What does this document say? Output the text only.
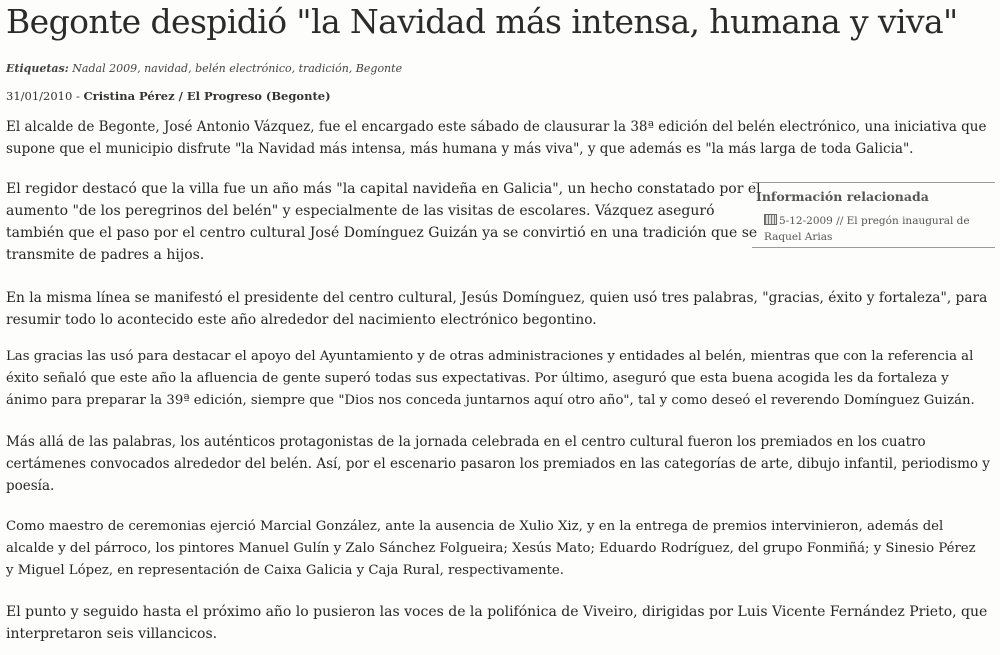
Begonte despidió "la Navidad más intensa, humana y viva"
Etiquetas: Nadal 2009, navidad, belén electrónico, tradición, Begonte
31/01/2010 - Cristina Pérez / El Progreso (Begonte)

El alcalde de Begonte, José Antonio Vázquez, fue el encargado este sábado de clausurar la 38ª edición del belén electrónico, una iniciativa que
supone que el municipio disfrute "la Navidad más intensa, más humana y más viva", y que además es "la más larga de toda Galicia".

El regidor destacó que la villa fue un año más "la capital navideña en Galicia", un hecho constatado por el
aumento "de los peregrinos del belén" y especialmente de las visitas de escolares. Vázquez aseguró
también que el paso por el centro cultural José Domínguez Guizán ya se convirtió en una tradición que se
transmite de padres a hijos.

Información relacionada
5-12-2009 // El pregón inaugural de
Raquel Arias

En la misma línea se manifestó el presidente del centro cultural, Jesús Domínguez, quien usó tres palabras, "gracias, éxito y fortaleza", para
resumir todo lo acontecido este año alrededor del nacimiento electrónico begontino.

Las gracias las usó para destacar el apoyo del Ayuntamiento y de otras administraciones y entidades al belén, mientras que con la referencia al
éxito señaló que este año la afluencia de gente superó todas sus expectativas. Por último, aseguró que esta buena acogida les da fortaleza y
ánimo para preparar la 39ª edición, siempre que "Dios nos conceda juntarnos aquí otro año", tal y como deseó el reverendo Domínguez Guizán.

Más allá de las palabras, los auténticos protagonistas de la jornada celebrada en el centro cultural fueron los premiados en los cuatro
certámenes convocados alrededor del belén. Así, por el escenario pasaron los premiados en las categorías de arte, dibujo infantil, periodismo y
poesía.

Como maestro de ceremonias ejerció Marcial González, ante la ausencia de Xulio Xiz, y en la entrega de premios intervinieron, además del
alcalde y del párroco, los pintores Manuel Gulín y Zalo Sánchez Folgueira; Xesús Mato; Eduardo Rodríguez, del grupo Fonmiñá; y Sinesio Pérez
y Miguel López, en representación de Caixa Galicia y Caja Rural, respectivamente.

El punto y seguido hasta el próximo año lo pusieron las voces de la polifónica de Viveiro, dirigidas por Luis Vicente Fernández Prieto, que
interpretaron seis villancicos.
